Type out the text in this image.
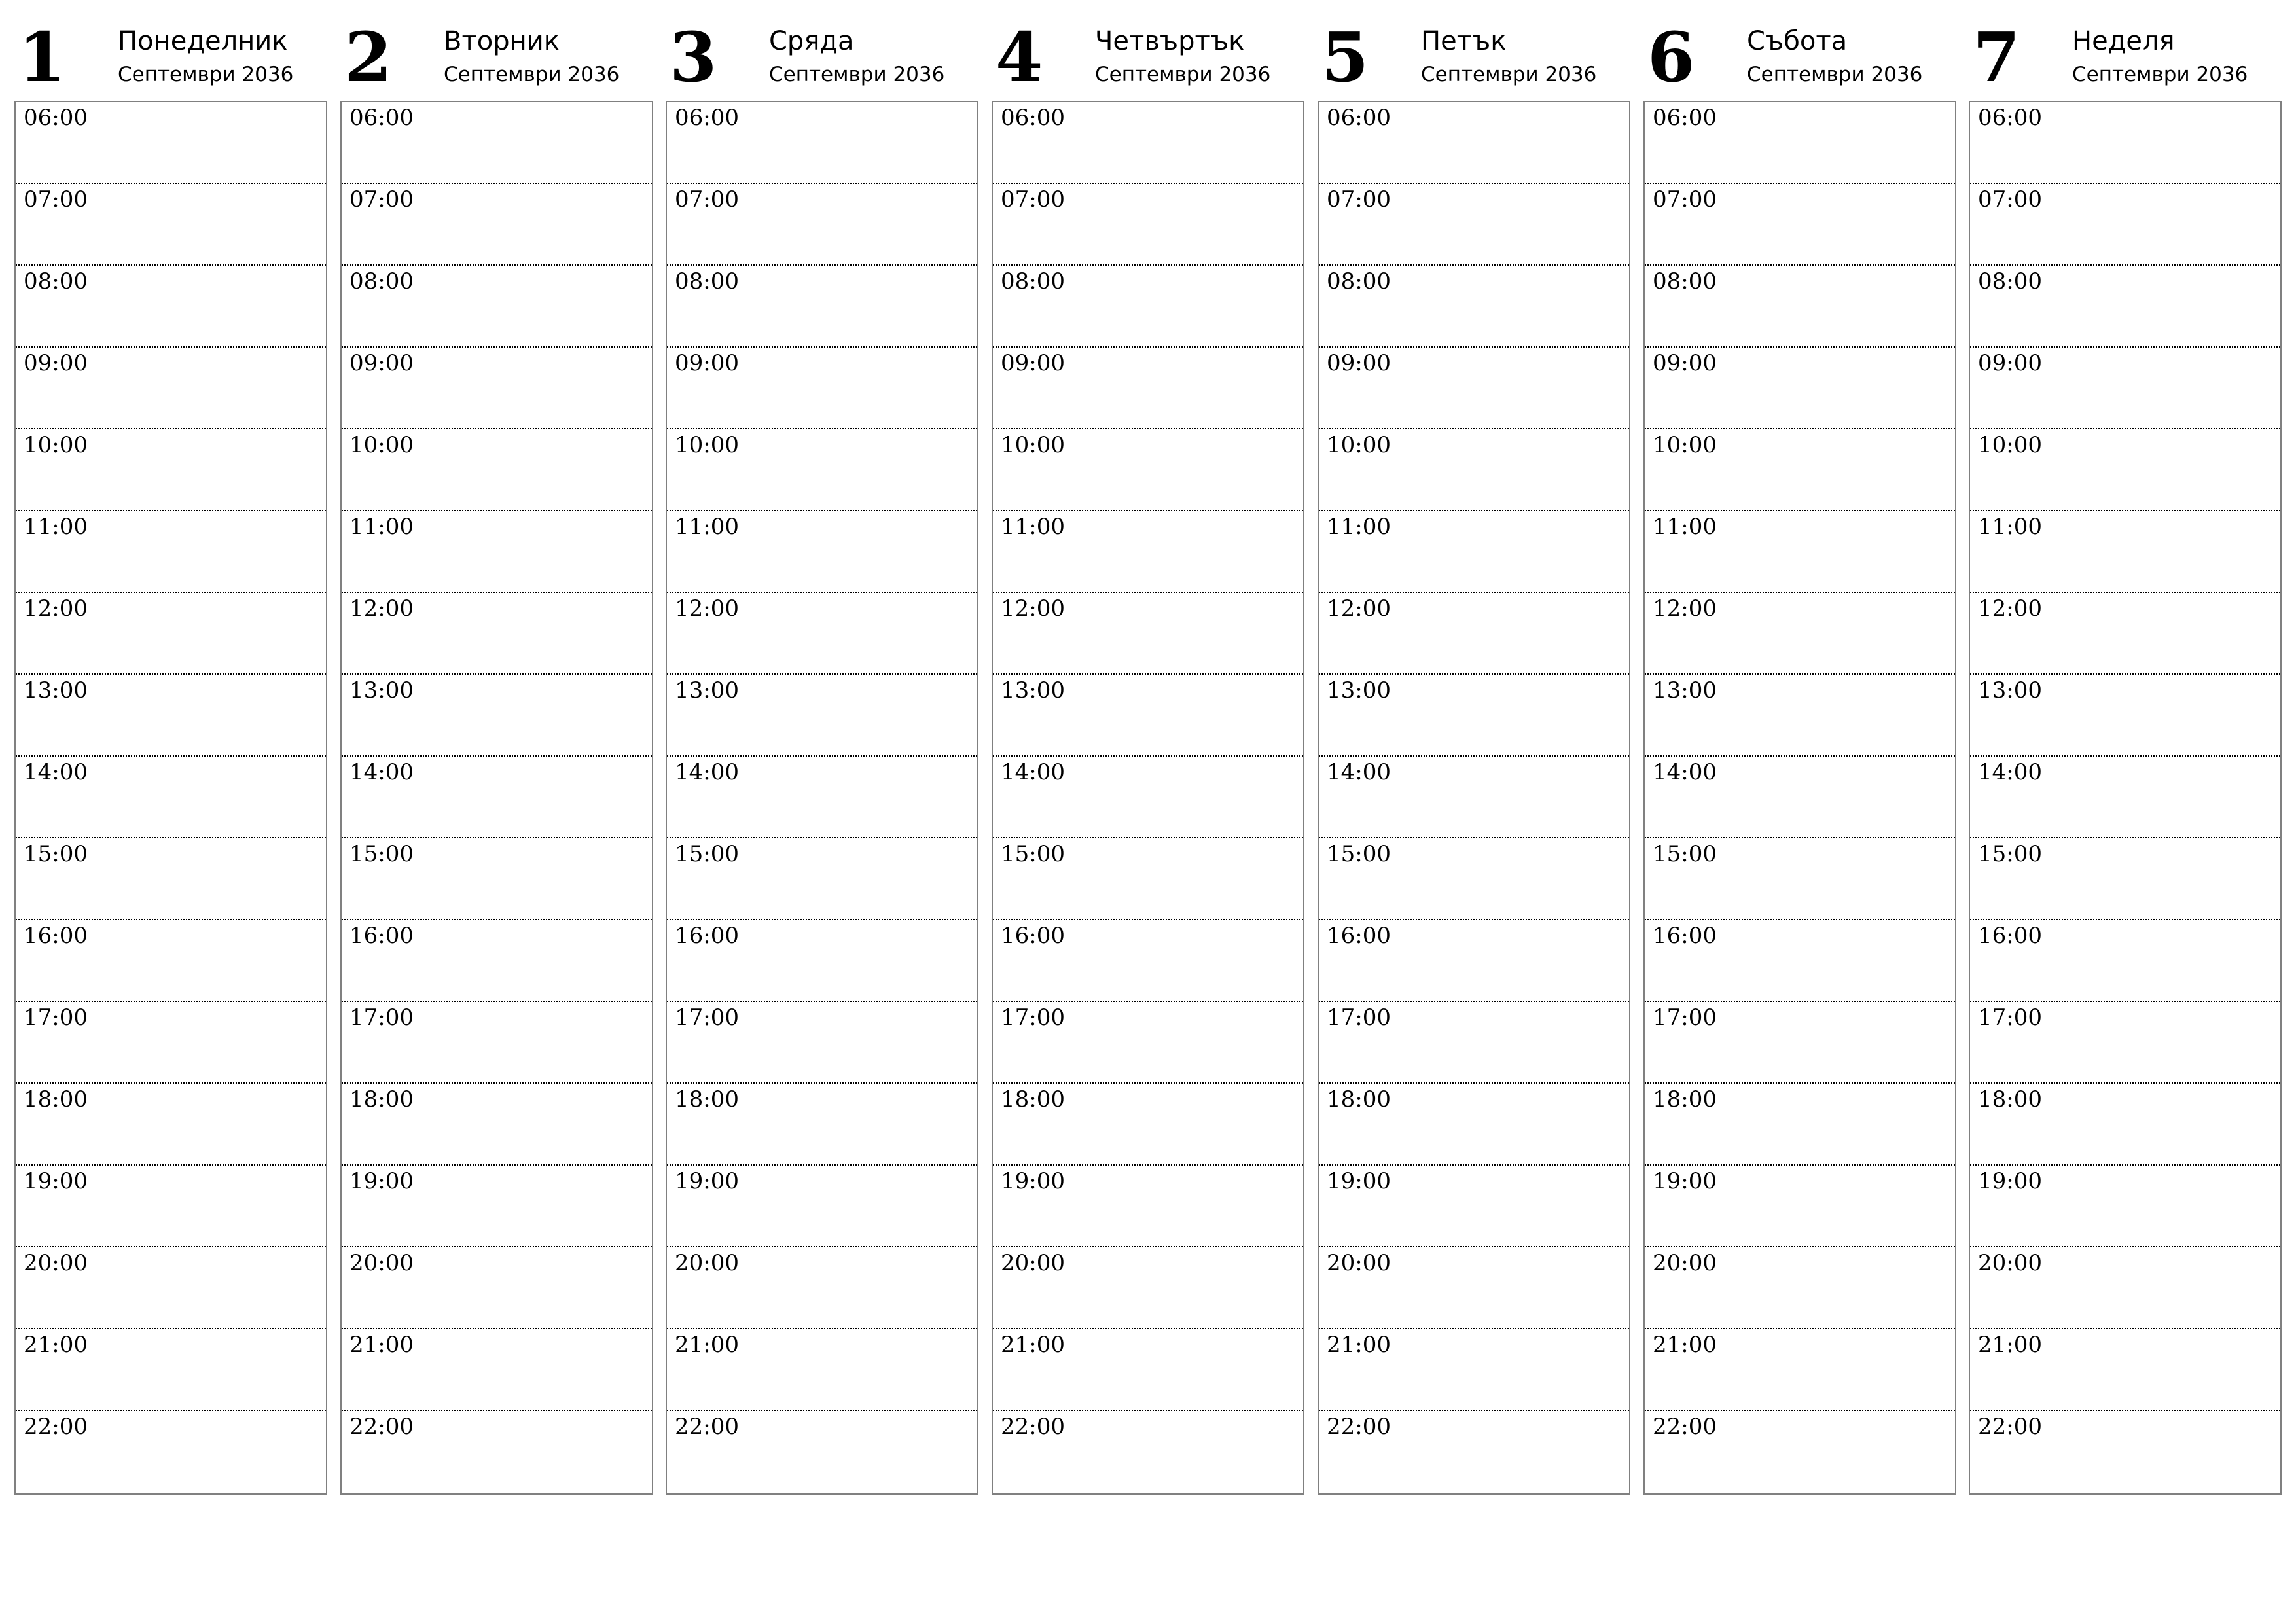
1 Понеделник
Септември 2036
06:00
07:00
08:00
09:00
10:00
11:00
12:00
13:00
14:00
15:00
16:00
17:00
18:00
19:00
20:00
21:00
22:00
2 Вторник
Септември 2036
06:00
07:00
08:00
09:00
10:00
11:00
12:00
13:00
14:00
15:00
16:00
17:00
18:00
19:00
20:00
21:00
22:00
3 Сряда
Септември 2036
06:00
07:00
08:00
09:00
10:00
11:00
12:00
13:00
14:00
15:00
16:00
17:00
18:00
19:00
20:00
21:00
22:00
4 Четвъртък
Септември 2036
06:00
07:00
08:00
09:00
10:00
11:00
12:00
13:00
14:00
15:00
16:00
17:00
18:00
19:00
20:00
21:00
22:00
5 Петък
Септември 2036
06:00
07:00
08:00
09:00
10:00
11:00
12:00
13:00
14:00
15:00
16:00
17:00
18:00
19:00
20:00
21:00
22:00
6 Събота
Септември 2036
06:00
07:00
08:00
09:00
10:00
11:00
12:00
13:00
14:00
15:00
16:00
17:00
18:00
19:00
20:00
21:00
22:00
7 Неделя
Септември 2036
06:00
07:00
08:00
09:00
10:00
11:00
12:00
13:00
14:00
15:00
16:00
17:00
18:00
19:00
20:00
21:00
22:00
